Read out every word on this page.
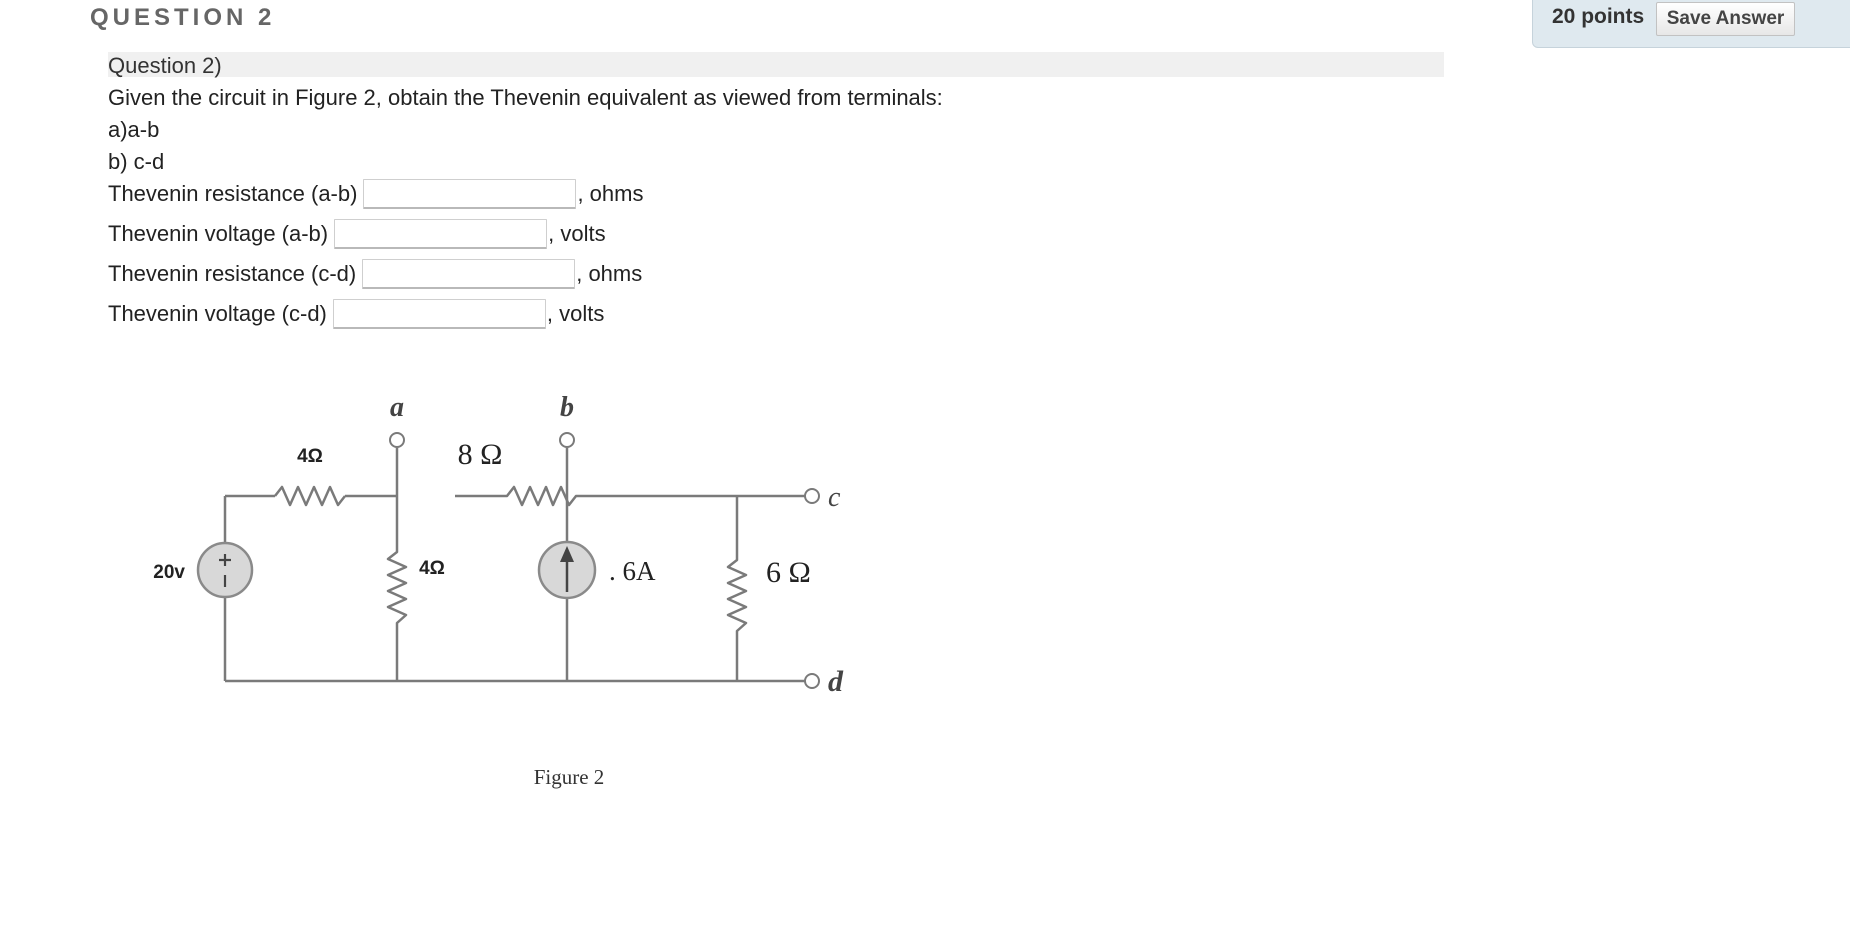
QUESTION 2	20 points	Save Answer
Question 2)
Given the circuit in Figure 2, obtain the Thevenin equivalent as viewed from terminals:
a)a-b
b) c-d
Thevenin resistance (a-b)	, ohms
Thevenin voltage (a-b)	, volts
Thevenin resistance (c-d)	, ohms
Thevenin voltage (c-d)	, volts
20v
4Ω	8 Ω
4Ω	. 6A	6 Ω
a	b
c
d
Figure 2
